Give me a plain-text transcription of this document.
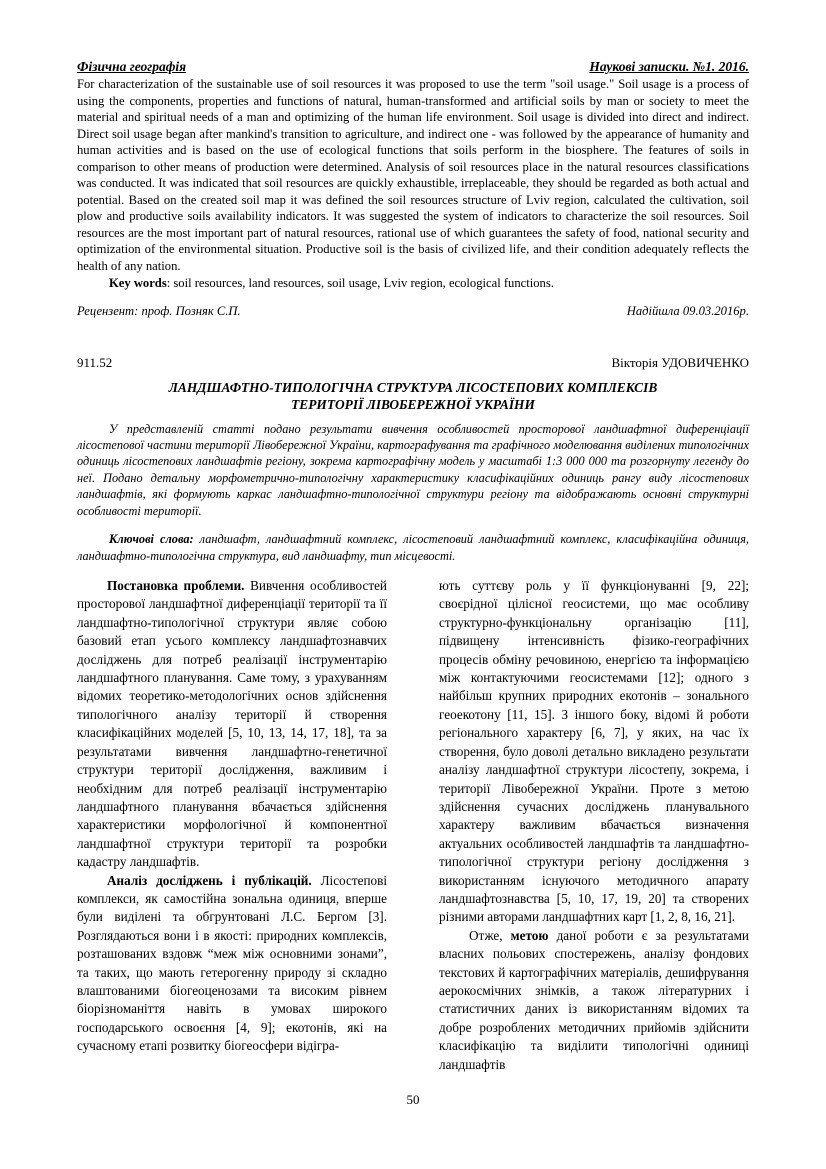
Фізична географія	Наукові записки. №1. 2016.

For characterization of the sustainable use of soil resources it was proposed to use the term "soil usage." Soil usage is a process of using the components, properties and functions of natural, human-transformed and artificial soils by man or society to meet the material and spiritual needs of a man and optimizing of the human life environment. Soil usage is divided into direct and indirect. Direct soil usage began after mankind's transition to agriculture, and indirect one - was followed by the appearance of humanity and human activities and is based on the use of ecological functions that soils perform in the biosphere. The features of soils in comparison to other means of production were determined. Analysis of soil resources place in the natural resources classifications was conducted. It was indicated that soil resources are quickly exhaustible, irreplaceable, they should be regarded as both actual and potential. Based on the created soil map it was defined the soil resources structure of Lviv region, calculated the cultivation, soil plow and productive soils availability indicators. It was suggested the system of indicators to characterize the soil resources. Soil resources are the most important part of natural resources, rational use of which guarantees the safety of food, national security and optimization of the environmental situation. Productive soil is the basis of civilized life, and their condition adequately reflects the health of any nation.

Key words: soil resources, land resources, soil usage, Lviv region, ecological functions.

Рецензент: проф. Позняк С.П.	Надійшла 09.03.2016р.
911.52	Вікторія УДОВИЧЕНКО
ЛАНДШАФТНО-ТИПОЛОГІЧНА СТРУКТУРА ЛІСОСТЕПОВИХ КОМПЛЕКСІВ
ТЕРИТОРІЇ ЛІВОБЕРЕЖНОЇ УКРАЇНИ

У представленій статті подано результати вивчення особливостей просторової ландшафтної диференціації лісостепової частини території Лівобережної України, картографування та графічного моделювання виділених типологічних одиниць лісостепових ландшафтів регіону, зокрема картографічну модель у масштабі 1:3 000 000 та розгорнуту легенду до неї. Подано детальну морфометрично-типологічну характеристику класифікаційних одиниць рангу виду лісостепових ландшафтів, які формують каркас ландшафтно-типологічної структури регіону та відображають основні структурні особливості території.

Ключові слова: ландшафт, ландшафтний комплекс, лісостеповий ландшафтний комплекс, класифікаційна одиниця, ландшафтно-типологічна структура, вид ландшафту, тип місцевості.

Постановка проблеми. Вивчення особливостей просторової ландшафтної диференціації території та її ландшафтно-типологічної структури являє собою базовий етап усього комплексу ландшафтознавчих досліджень для потреб реалізації інструментарію ландшафтного планування. Саме тому, з урахуванням відомих теоретико-методологічних основ здійснення типологічного аналізу території й створення класифікаційних моделей [5, 10, 13, 14, 17, 18], та за результатами вивчення ландшафтно-генетичної структури території дослідження, важливим і необхідним для потреб реалізації інструментарію ландшафтного планування вбачається здійснення характеристики морфологічної й компонентної ландшафтної структури території та розробки кадастру ландшафтів.

Аналіз досліджень і публікацій. Лісостепові комплекси, як самостійна зональна одиниця, вперше були виділені та обгрунтовані Л.С. Бергом [3]. Розглядаються вони і в якості: природних комплексів, розташованих вздовж “меж між основними зонами”, та таких, що мають гетерогенну природу зі складно влаштованими біогеоценозами та високим рівнем біорізноманіття навіть в умовах широкого господарського освоєння [4, 9]; екотонів, які на сучасному етапі розвитку біогеосфери відігра-

ють суттєву роль у її функціонуванні [9, 22]; своєрідної цілісної геосистеми, що має особливу структурно-функціональну організацію [11], підвищену інтенсивність фізико-географічних процесів обміну речовиною, енергією та інформацією між контактуючими геосистемами [12]; одного з найбільш крупних природних екотонів – зонального геоекотону [11, 15]. З іншого боку, відомі й роботи регіонального характеру [6, 7], у яких, на час їх створення, було доволі детально викладено результати аналізу ландшафтної структури лісостепу, зокрема, і території Лівобережної України. Проте з метою здійснення сучасних досліджень планувального характеру важливим вбачається визначення актуальних особливостей ландшафтів та ландшафтно-типологічної структури регіону дослідження з використанням існуючого методичного апарату ландшафтознавства [5, 10, 17, 19, 20] та створених різними авторами ландшафтних карт [1, 2, 8, 16, 21].

Отже, метою даної роботи є за результатами власних польових спостережень, аналізу фондових текстових й картографічних матеріалів, дешифрування аерокосмічних знімків, а також літературних і статистичних даних із використанням відомих та добре розроблених методичних прийомів здійснити класифікацію та виділити типологічні одиниці ландшафтів

50
